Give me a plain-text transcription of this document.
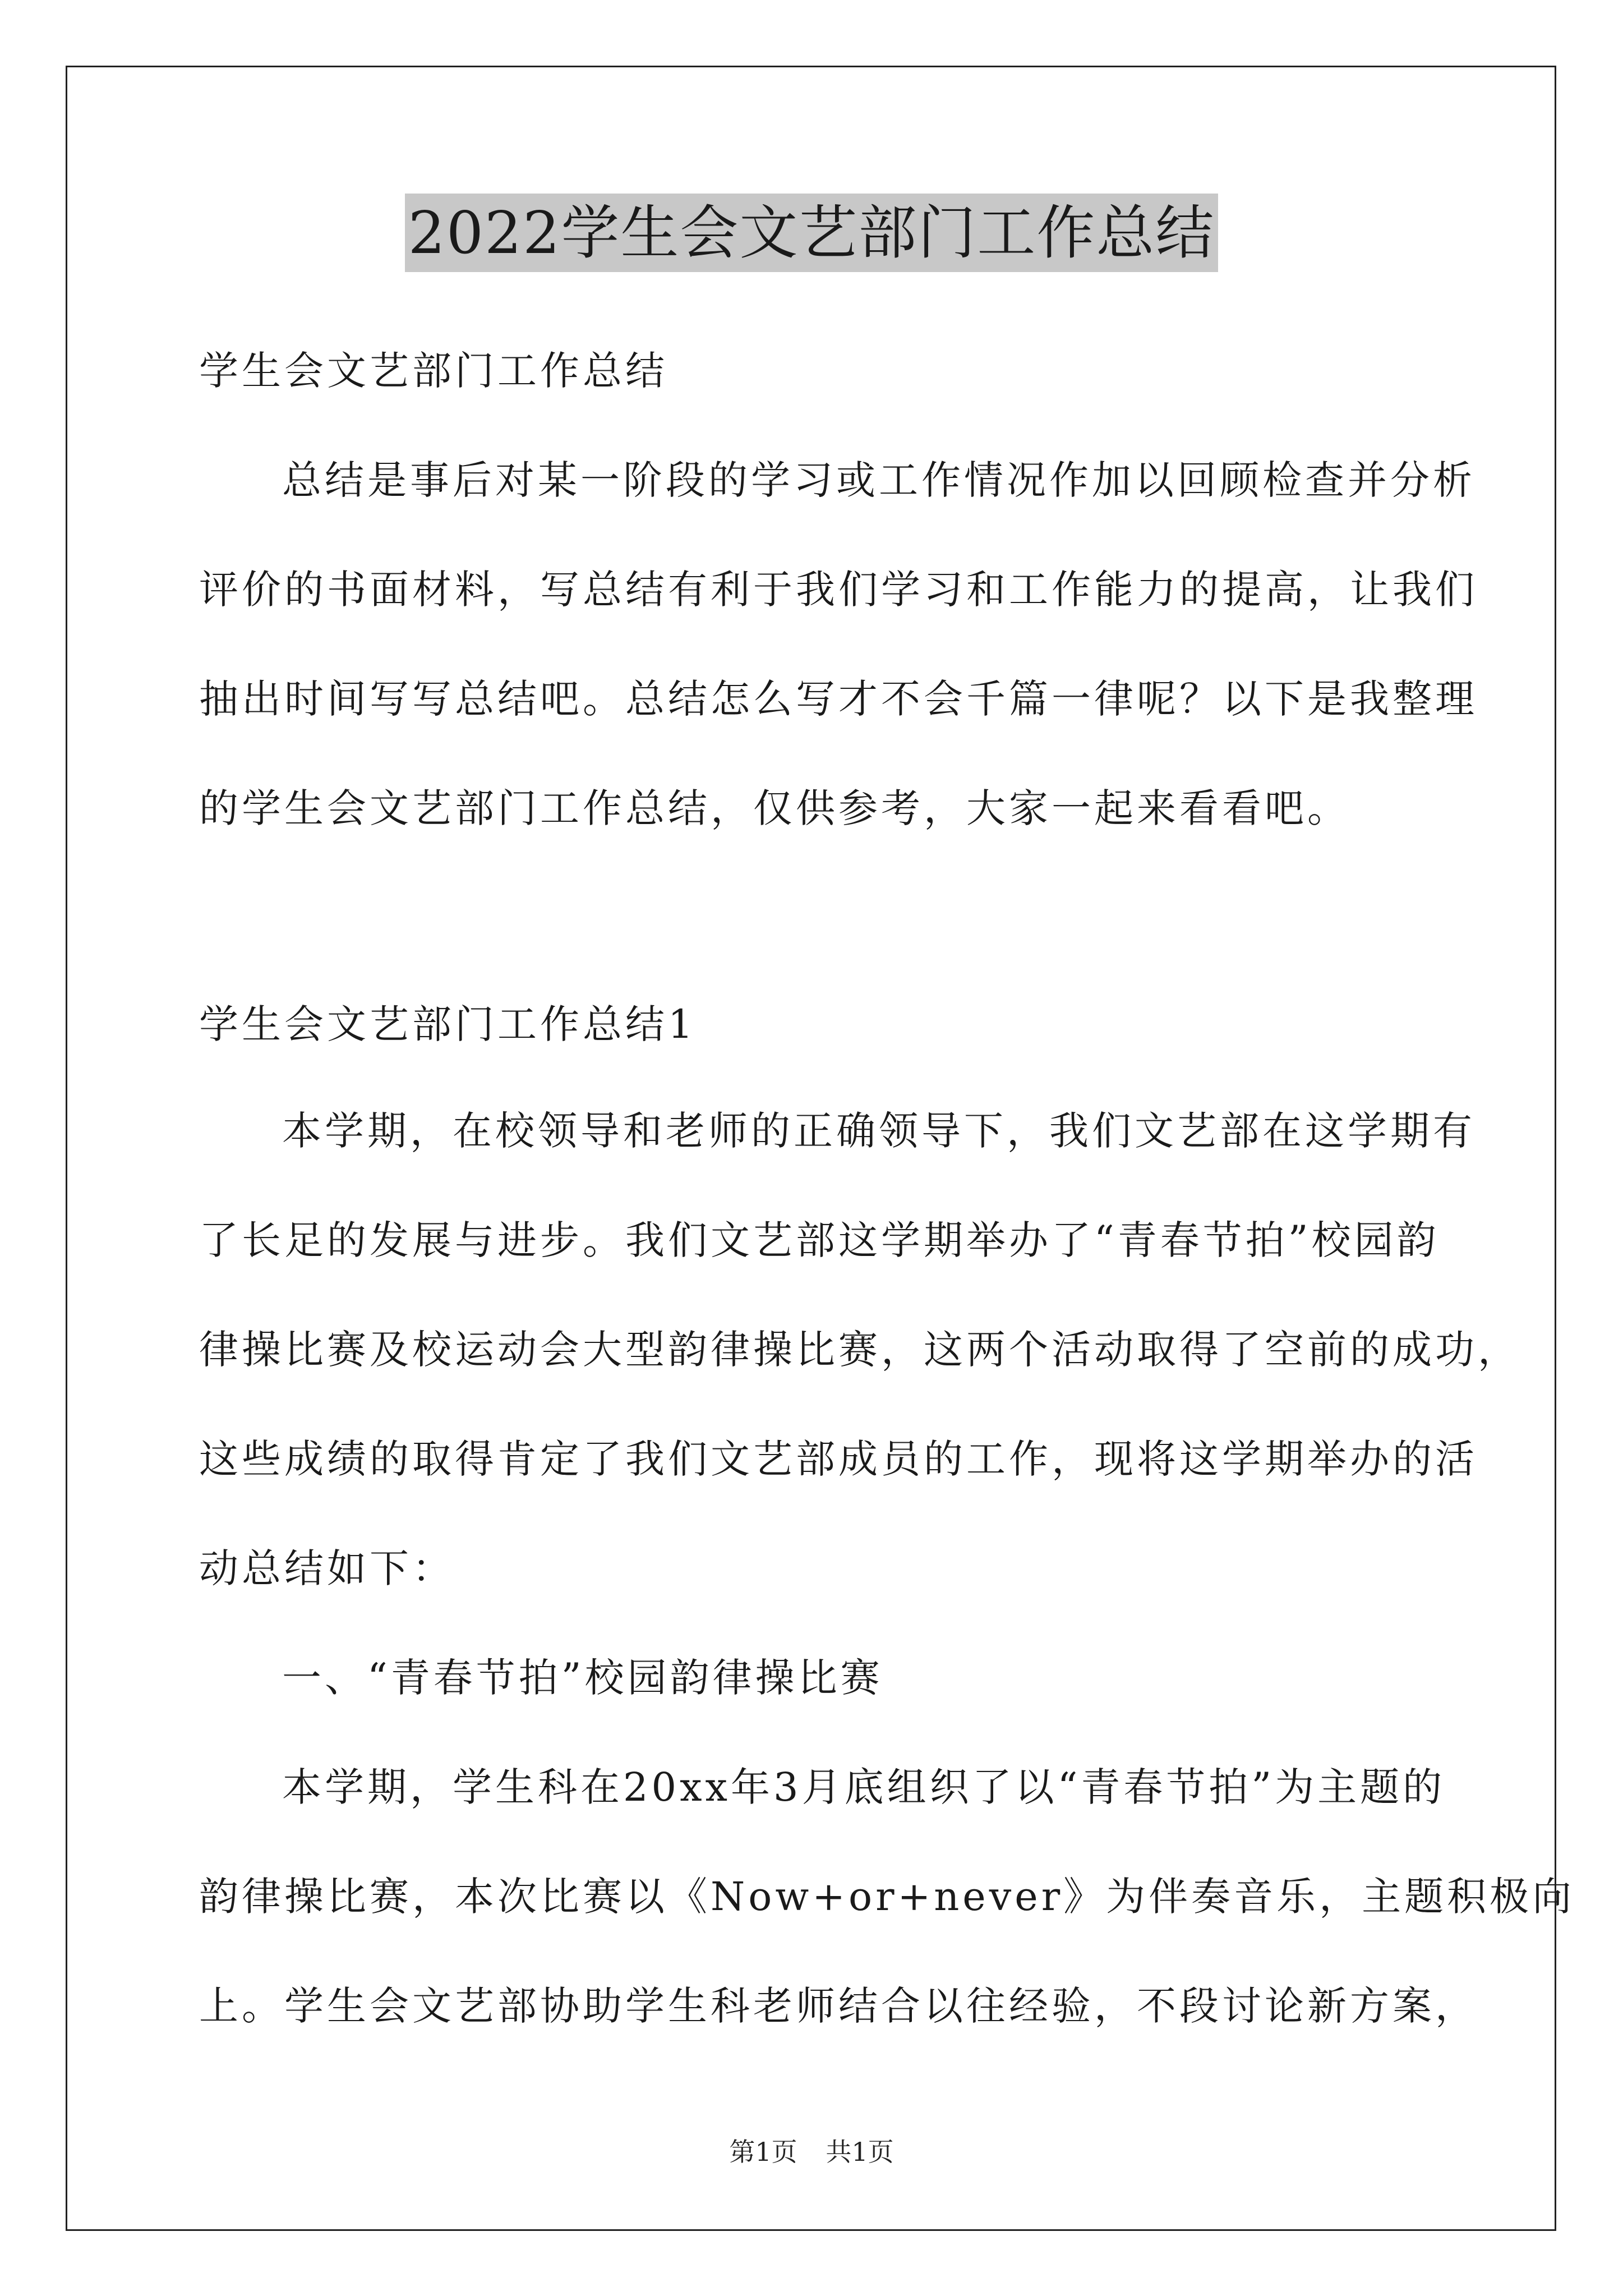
2022学生会文艺部门工作总结
学生会文艺部门工作总结
总结是事后对某一阶段的学习或工作情况作加以回顾检查并分析
评价的书面材料，写总结有利于我们学习和工作能力的提高，让我们
抽出时间写写总结吧。总结怎么写才不会千篇一律呢？以下是我整理
的学生会文艺部门工作总结，仅供参考，大家一起来看看吧。
学生会文艺部门工作总结1
本学期，在校领导和老师的正确领导下，我们文艺部在这学期有
了长足的发展与进步。我们文艺部这学期举办了“青春节拍”校园韵
律操比赛及校运动会大型韵律操比赛，这两个活动取得了空前的成功，
这些成绩的取得肯定了我们文艺部成员的工作，现将这学期举办的活
动总结如下：
一、“青春节拍”校园韵律操比赛
本学期，学生科在20xx年3月底组织了以“青春节拍”为主题的
韵律操比赛，本次比赛以《Now+or+never》为伴奏音乐，主题积极向
上。学生会文艺部协助学生科老师结合以往经验，不段讨论新方案，
第1页 共1页
